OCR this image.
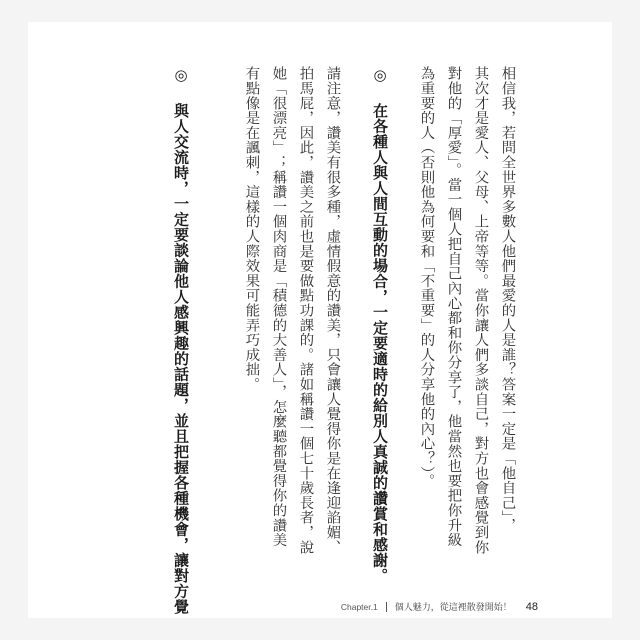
相信我，若問全世界多數人他們最愛的人是誰？答案一定是「他自己」，
其次才是愛人、父母、上帝等等。當你讓人們多談自己，對方也會感覺到你
對他的「厚愛」。當一個人把自己內心都和你分享了，他當然也要把你升級
為重要的人（否則他為何要和「不重要」的人分享他的內心？）。
◎ 在各種人與人間互動的場合，一定要適時的給別人真誠的讚賞和感謝。
請注意，讚美有很多種，虛情假意的讚美，只會讓人覺得你是在逢迎諂媚、
拍馬屁，因此，讚美之前也是要做點功課的。諸如稱讚一個七十歲長者，說
她「很漂亮」；稱讚一個肉商是「積德的大善人」，怎麼聽都覺得你的讚美
有點像是在諷刺，這樣的人際效果可能弄巧成拙。
◎ 與人交流時，一定要談論他人感興趣的話題，並且把握各種機會，讓對方覺	Chapter.1 個人魅力，從這裡散發開始！ 48
